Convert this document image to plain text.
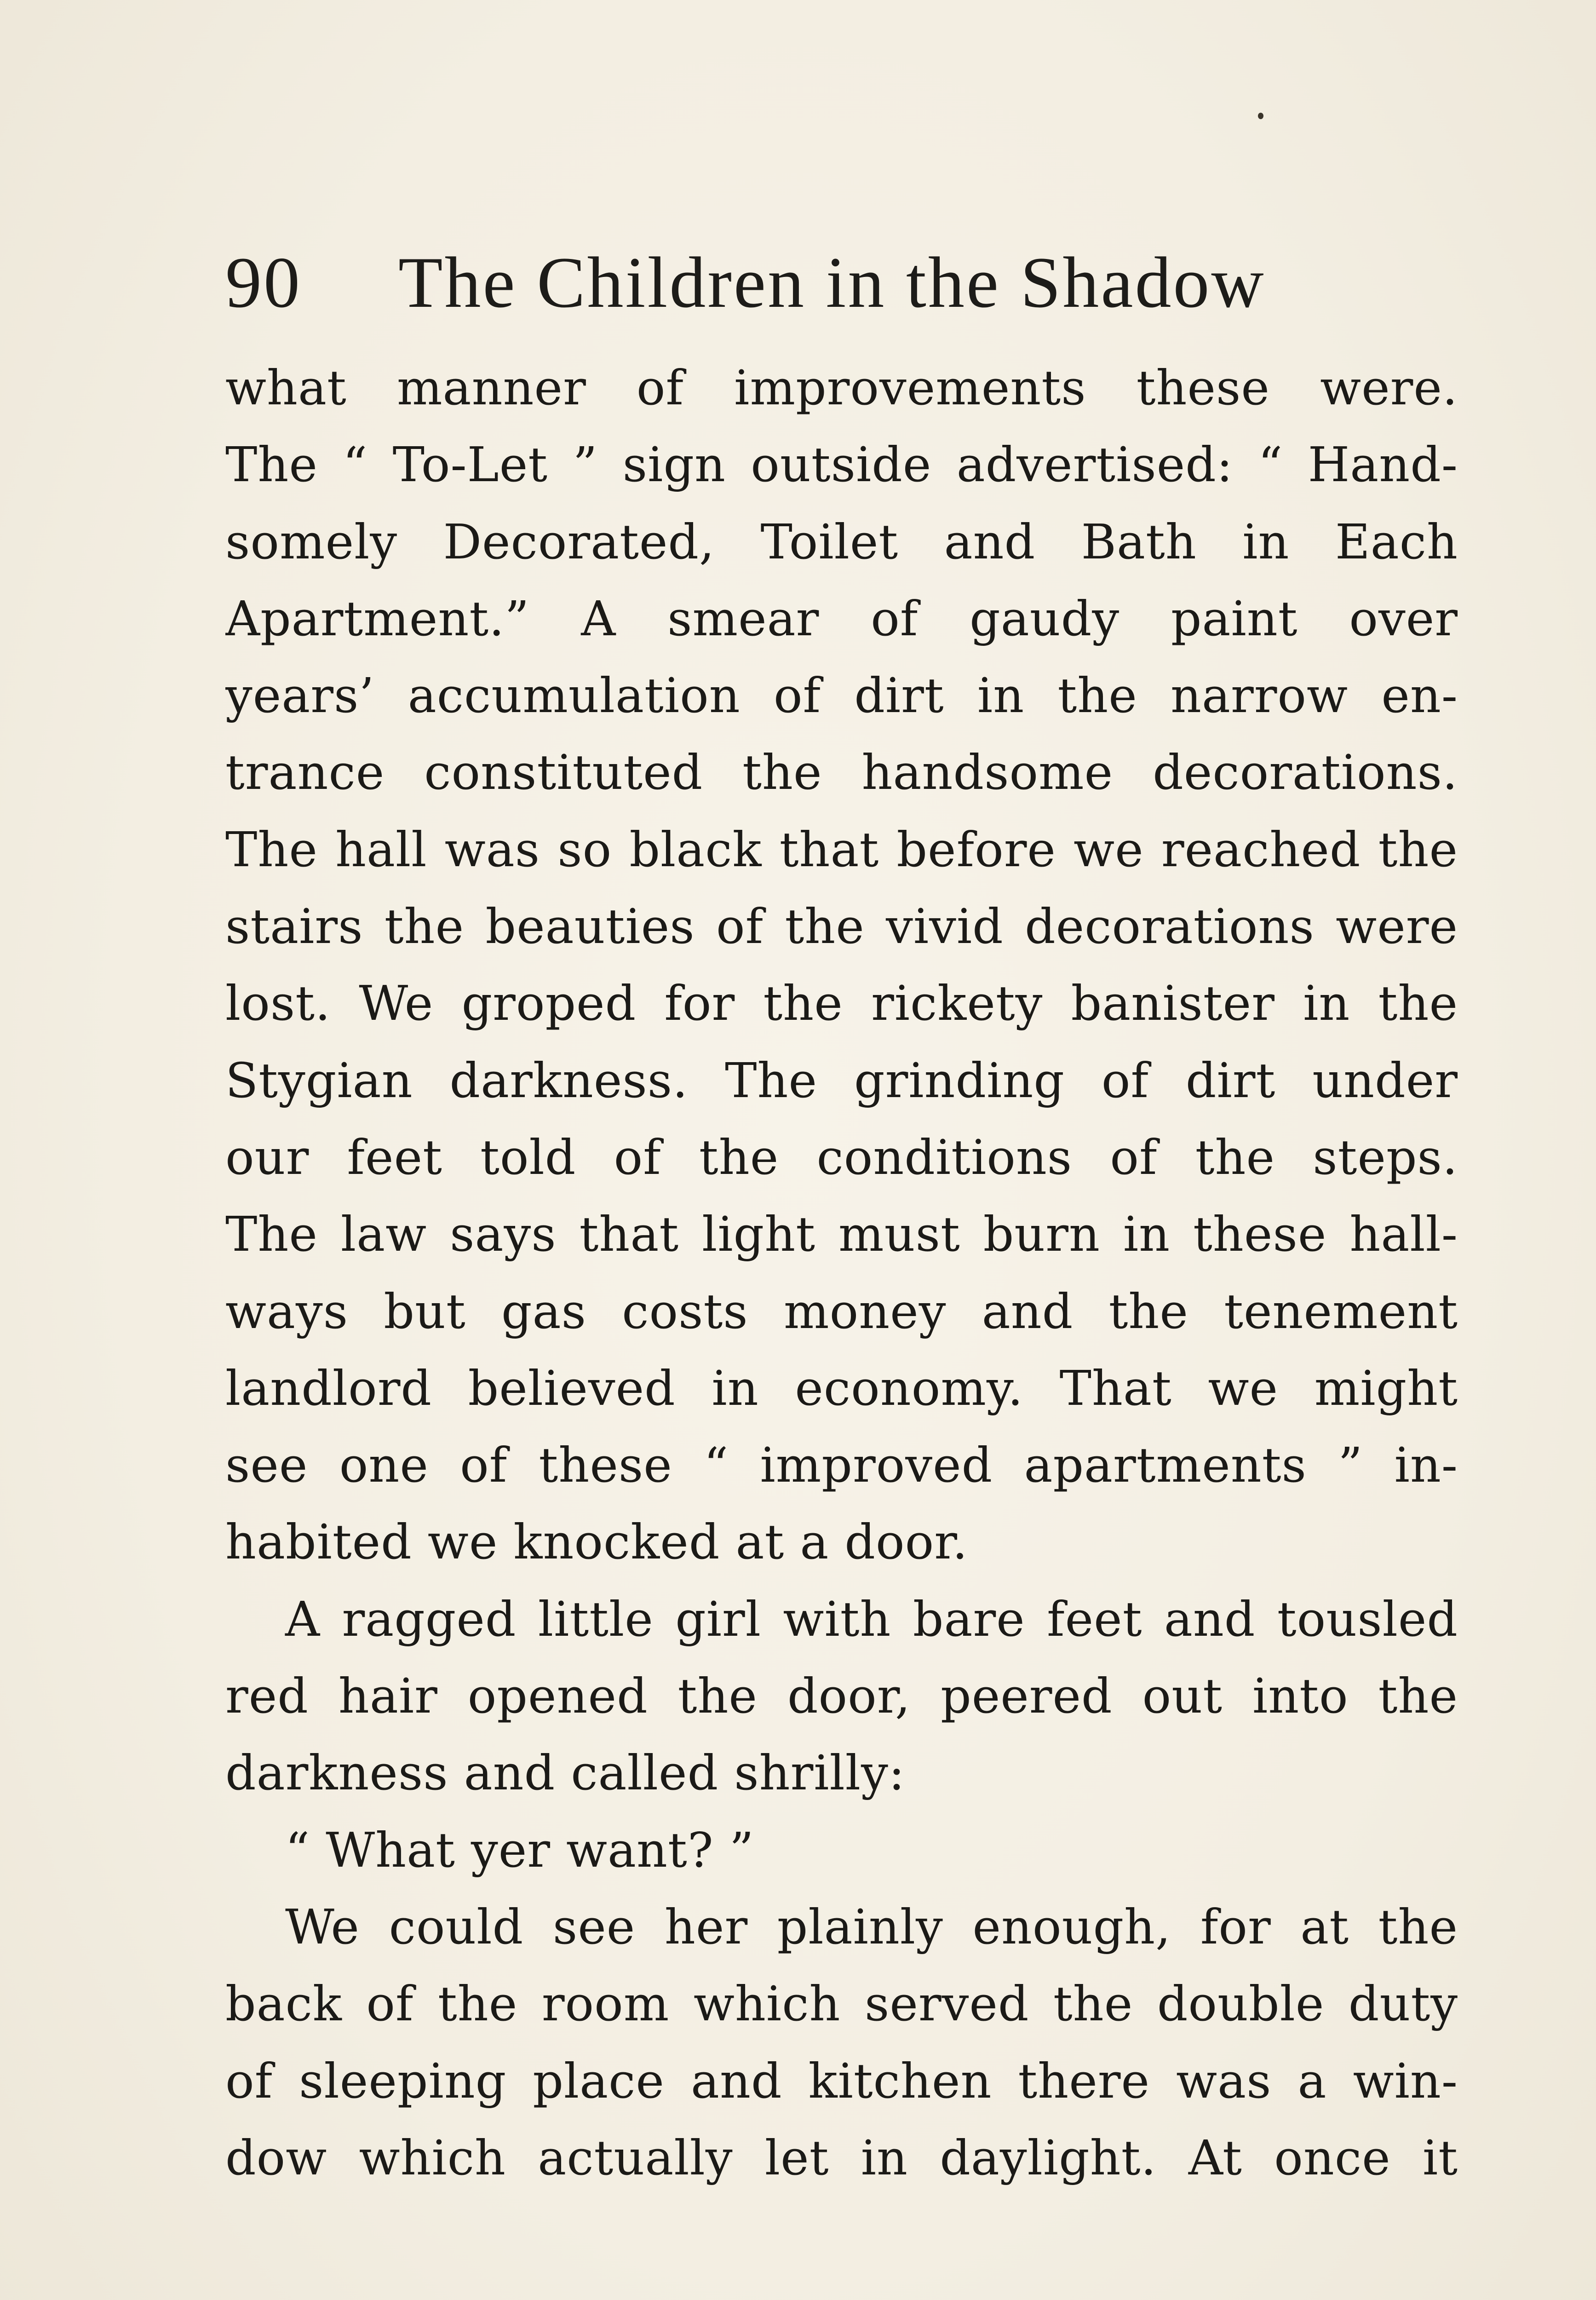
90 The Children in the Shadow
what manner of improvements these were.
The “ To-Let ” sign outside advertised: “ Hand-
somely Decorated, Toilet and Bath in Each
Apartment.” A smear of gaudy paint over
years’ accumulation of dirt in the narrow en-
trance constituted the handsome decorations.
The hall was so black that before we reached the
stairs the beauties of the vivid decorations were
lost. We groped for the rickety banister in the
Stygian darkness. The grinding of dirt under
our feet told of the conditions of the steps.
The law says that light must burn in these hall-
ways but gas costs money and the tenement
landlord believed in economy. That we might
see one of these “ improved apartments ” in-
habited we knocked at a door.
A ragged little girl with bare feet and tousled
red hair opened the door, peered out into the
darkness and called shrilly:
“ What yer want? ”
We could see her plainly enough, for at the
back of the room which served the double duty
of sleeping place and kitchen there was a win-
dow which actually let in daylight. At once it
